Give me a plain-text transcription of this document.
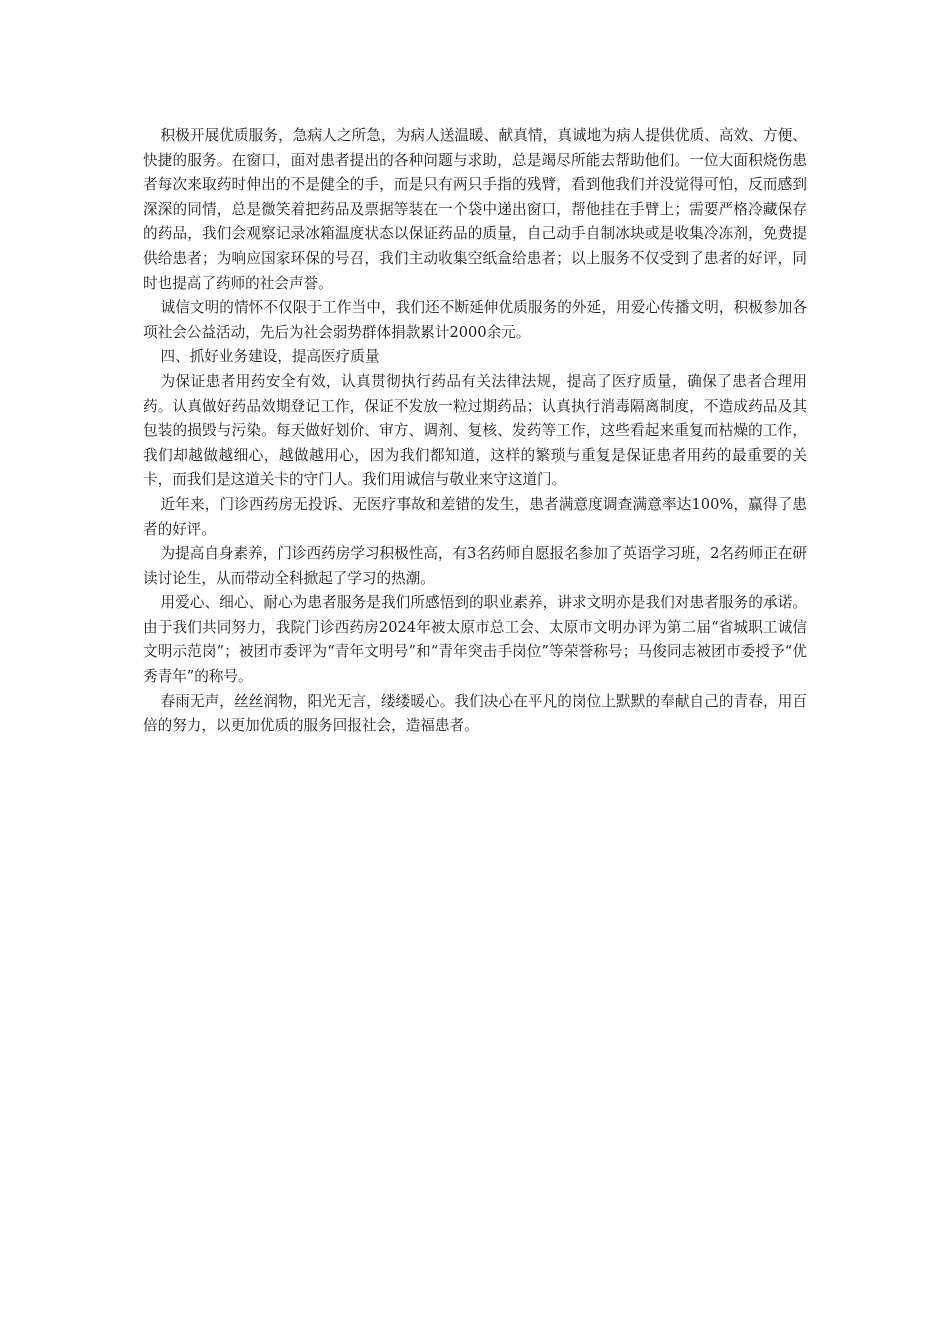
积极开展优质服务，急病人之所急，为病人送温暖、献真情，真诚地为病人提供优质、高效、方便、快捷的服务。在窗口，面对患者提出的各种问题与求助，总是竭尽所能去帮助他们。一位大面积烧伤患者每次来取药时伸出的不是健全的手，而是只有两只手指的残臂，看到他我们并没觉得可怕，反而感到深深的同情，总是微笑着把药品及票据等装在一个袋中递出窗口，帮他挂在手臂上；需要严格冷藏保存的药品，我们会观察记录冰箱温度状态以保证药品的质量，自己动手自制冰块或是收集冷冻剂，免费提供给患者；为响应国家环保的号召，我们主动收集空纸盒给患者；以上服务不仅受到了患者的好评，同时也提高了药师的社会声誉。

诚信文明的情怀不仅限于工作当中，我们还不断延伸优质服务的外延，用爱心传播文明，积极参加各项社会公益活动，先后为社会弱势群体捐款累计2000余元。

四、抓好业务建设，提高医疗质量

为保证患者用药安全有效，认真贯彻执行药品有关法律法规，提高了医疗质量，确保了患者合理用药。认真做好药品效期登记工作，保证不发放一粒过期药品；认真执行消毒隔离制度，不造成药品及其包装的损毁与污染。每天做好划价、审方、调剂、复核、发药等工作，这些看起来重复而枯燥的工作，我们却越做越细心，越做越用心，因为我们都知道，这样的繁琐与重复是保证患者用药的最重要的关卡，而我们是这道关卡的守门人。我们用诚信与敬业来守这道门。

近年来，门诊西药房无投诉、无医疗事故和差错的发生，患者满意度调查满意率达100%，赢得了患者的好评。

为提高自身素养，门诊西药房学习积极性高，有3名药师自愿报名参加了英语学习班，2名药师正在研读讨论生，从而带动全科掀起了学习的热潮。

用爱心、细心、耐心为患者服务是我们所感悟到的职业素养，讲求文明亦是我们对患者服务的承诺。由于我们共同努力，我院门诊西药房2024年被太原市总工会、太原市文明办评为第二届“省城职工诚信文明示范岗”；被团市委评为“青年文明号”和“青年突击手岗位”等荣誉称号；马俊同志被团市委授予“优秀青年”的称号。

春雨无声，丝丝润物，阳光无言，缕缕暖心。我们决心在平凡的岗位上默默的奉献自己的青春，用百倍的努力，以更加优质的服务回报社会，造福患者。
